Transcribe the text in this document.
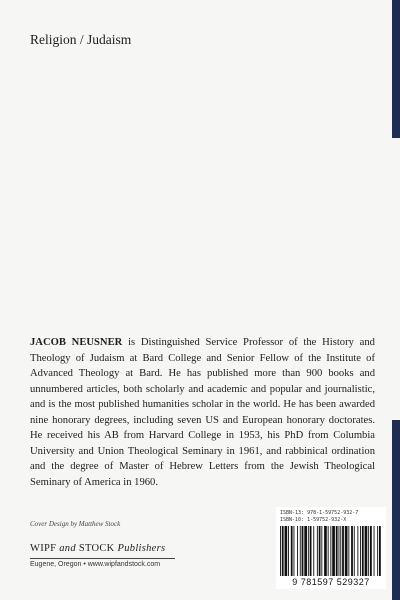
Religion / Judaism

JACOB NEUSNER is Distinguished Service Professor of the History and Theology of Judaism at Bard College and Senior Fellow of the Institute of Advanced Theology at Bard. He has published more than 900 books and unnumbered articles, both scholarly and academic and popular and journalistic, and is the most published humanities scholar in the world. He has been awarded nine honorary degrees, including seven US and European honorary doctorates. He received his AB from Harvard College in 1953, his PhD from Columbia University and Union Theological Seminary in 1961, and rabbinical ordination and the degree of Master of Hebrew Letters from the Jewish Theological Seminary of America in 1960.

Cover Design by Matthew Stock
WIPF and STOCK Publishers
Eugene, Oregon • www.wipfandstock.com
ISBN-13: 978-1-59752-932-7
ISBN-10: 1-59752-932-X
9 781597 529327
